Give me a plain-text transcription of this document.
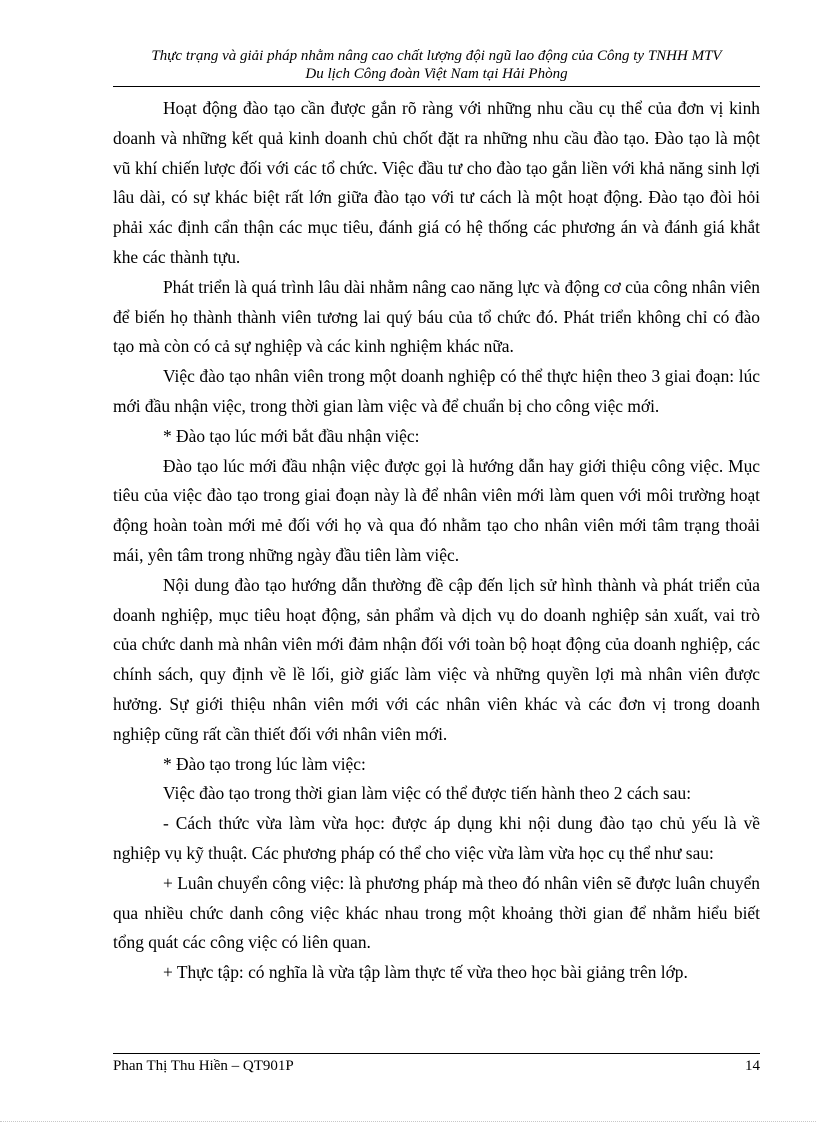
Thực trạng và giải pháp nhằm nâng cao chất lượng đội ngũ lao động của Công ty TNHH MTV
Du lịch Công đoàn Việt Nam tại Hải Phòng

Hoạt động đào tạo cần được gắn rõ ràng với những nhu cầu cụ thể của đơn vị kinh doanh và những kết quả kinh doanh chủ chốt đặt ra những nhu cầu đào tạo. Đào tạo là một vũ khí chiến lược đối với các tổ chức. Việc đầu tư cho đào tạo gắn liền với khả năng sinh lợi lâu dài, có sự khác biệt rất lớn giữa đào tạo với tư cách là một hoạt động. Đào tạo đòi hỏi phải xác định cẩn thận các mục tiêu, đánh giá có hệ thống các phương án và đánh giá khắt khe các thành tựu.

Phát triển là quá trình lâu dài nhằm nâng cao năng lực và động cơ của công nhân viên để biến họ thành thành viên tương lai quý báu của tổ chức đó. Phát triển không chỉ có đào tạo mà còn có cả sự nghiệp và các kinh nghiệm khác nữa.

Việc đào tạo nhân viên trong một doanh nghiệp có thể thực hiện theo 3 giai đoạn: lúc mới đầu nhận việc, trong thời gian làm việc và để chuẩn bị cho công việc mới.

* Đào tạo lúc mới bắt đầu nhận việc:

Đào tạo lúc mới đầu nhận việc được gọi là hướng dẫn hay giới thiệu công việc. Mục tiêu của việc đào tạo trong giai đoạn này là để nhân viên mới làm quen với môi trường hoạt động hoàn toàn mới mẻ đối với họ và qua đó nhằm tạo cho nhân viên mới tâm trạng thoải mái, yên tâm trong những ngày đầu tiên làm việc.

Nội dung đào tạo hướng dẫn thường đề cập đến lịch sử hình thành và phát triển của doanh nghiệp, mục tiêu hoạt động, sản phẩm và dịch vụ do doanh nghiệp sản xuất, vai trò của chức danh mà nhân viên mới đảm nhận đối với toàn bộ hoạt động của doanh nghiệp, các chính sách, quy định về lề lối, giờ giấc làm việc và những quyền lợi mà nhân viên được hưởng. Sự giới thiệu nhân viên mới với các nhân viên khác và các đơn vị trong doanh nghiệp cũng rất cần thiết đối với nhân viên mới.

* Đào tạo trong lúc làm việc:

Việc đào tạo trong thời gian làm việc có thể được tiến hành theo 2 cách sau:

- Cách thức vừa làm vừa học: được áp dụng khi nội dung đào tạo chủ yếu là về nghiệp vụ kỹ thuật. Các phương pháp có thể cho việc vừa làm vừa học cụ thể như sau:

+ Luân chuyển công việc: là phương pháp mà theo đó nhân viên sẽ được luân chuyển qua nhiều chức danh công việc khác nhau trong một khoảng thời gian để nhằm hiểu biết tổng quát các công việc có liên quan.

+ Thực tập: có nghĩa là vừa tập làm thực tế vừa theo học bài giảng trên lớp.

Phan Thị Thu Hiền – QT901P	14
